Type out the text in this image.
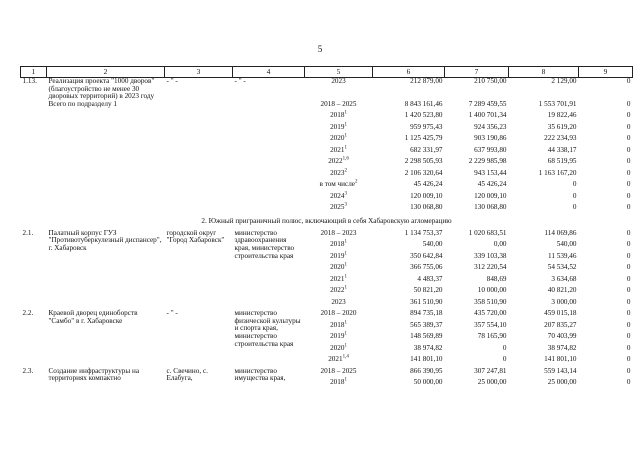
5
1	2	3	4	5	6	7	8	9
1.13.	Реализация проекта "1000 дворов" (благоустройство не менее 30 дворовых территорий) в 2023 году	- " -	- " -	2023	212 879,00	210 750,00	2 129,00	0
	Всего по подразделу 1			2018 – 2025	8 843 161,46	7 289 459,55	1 553 701,91	0
				2018$^1$	1 420 523,80	1 400 701,34	19 822,46	0
				2019$^1$	959 975,43	924 356,23	35 619,20	0
				2020$^1$	1 125 425,79	903 190,86	222 234,93	0
				2021$^1$	682 331,97	637 993,80	44 338,17	0
				2022$^{1,6}$	2 298 505,93	2 229 985,98	68 519,95	0
				2023$^2$	2 106 320,64	943 153,44	1 163 167,20	0
				в том числе$^2$	45 426,24	45 426,24	0	0
				2024$^3$	120 009,10	120 009,10	0	0
				2025$^3$	130 068,80	130 068,80	0	0
2. Южный приграничный полюс, включающий в себя Хабаровскую агломерацию								
2.1.	Палатный корпус ГУЗ "Противотуберкулезный диспансер", г. Хабаровск	городской округ "Город Хабаровск"	министерство здравоохранения края, министерство строительства края	2018 – 2023	1 134 753,37	1 020 683,51	114 069,86	0
				2018$^1$	540,00	0,00	540,00	0
				2019$^1$	350 642,84	339 103,38	11 539,46	0
				2020$^1$	366 755,06	312 220,54	54 534,52	0
				2021$^1$	4 483,37	848,69	3 634,68	0
				2022$^1$	50 821,20	10 000,00	40 821,20	0
				2023	361 510,90	358 510,90	3 000,00	0
2.2.	Краевой дворец единоборств "Самбо" в г. Хабаровске	- " -	министерство физической культуры и спорта края, министерство строительства края	2018 – 2020	894 735,18	435 720,00	459 015,18	0
				2018$^1$	565 389,37	357 554,10	207 835,27	0
				2019$^1$	148 569,89	78 165,90	70 403,99	0
				2020$^1$	38 974,82	0	38 974,82	0
				2021$^{1,4}$	141 801,10	0	141 801,10	0
2.3.	Создание инфраструктуры на территориях компактно	с. Свечино, с. Елабуга,	министерство имущества края,	2018 – 2025	866 390,95	307 247,81	559 143,14	0
				2018$^1$	50 000,00	25 000,00	25 000,00	0
